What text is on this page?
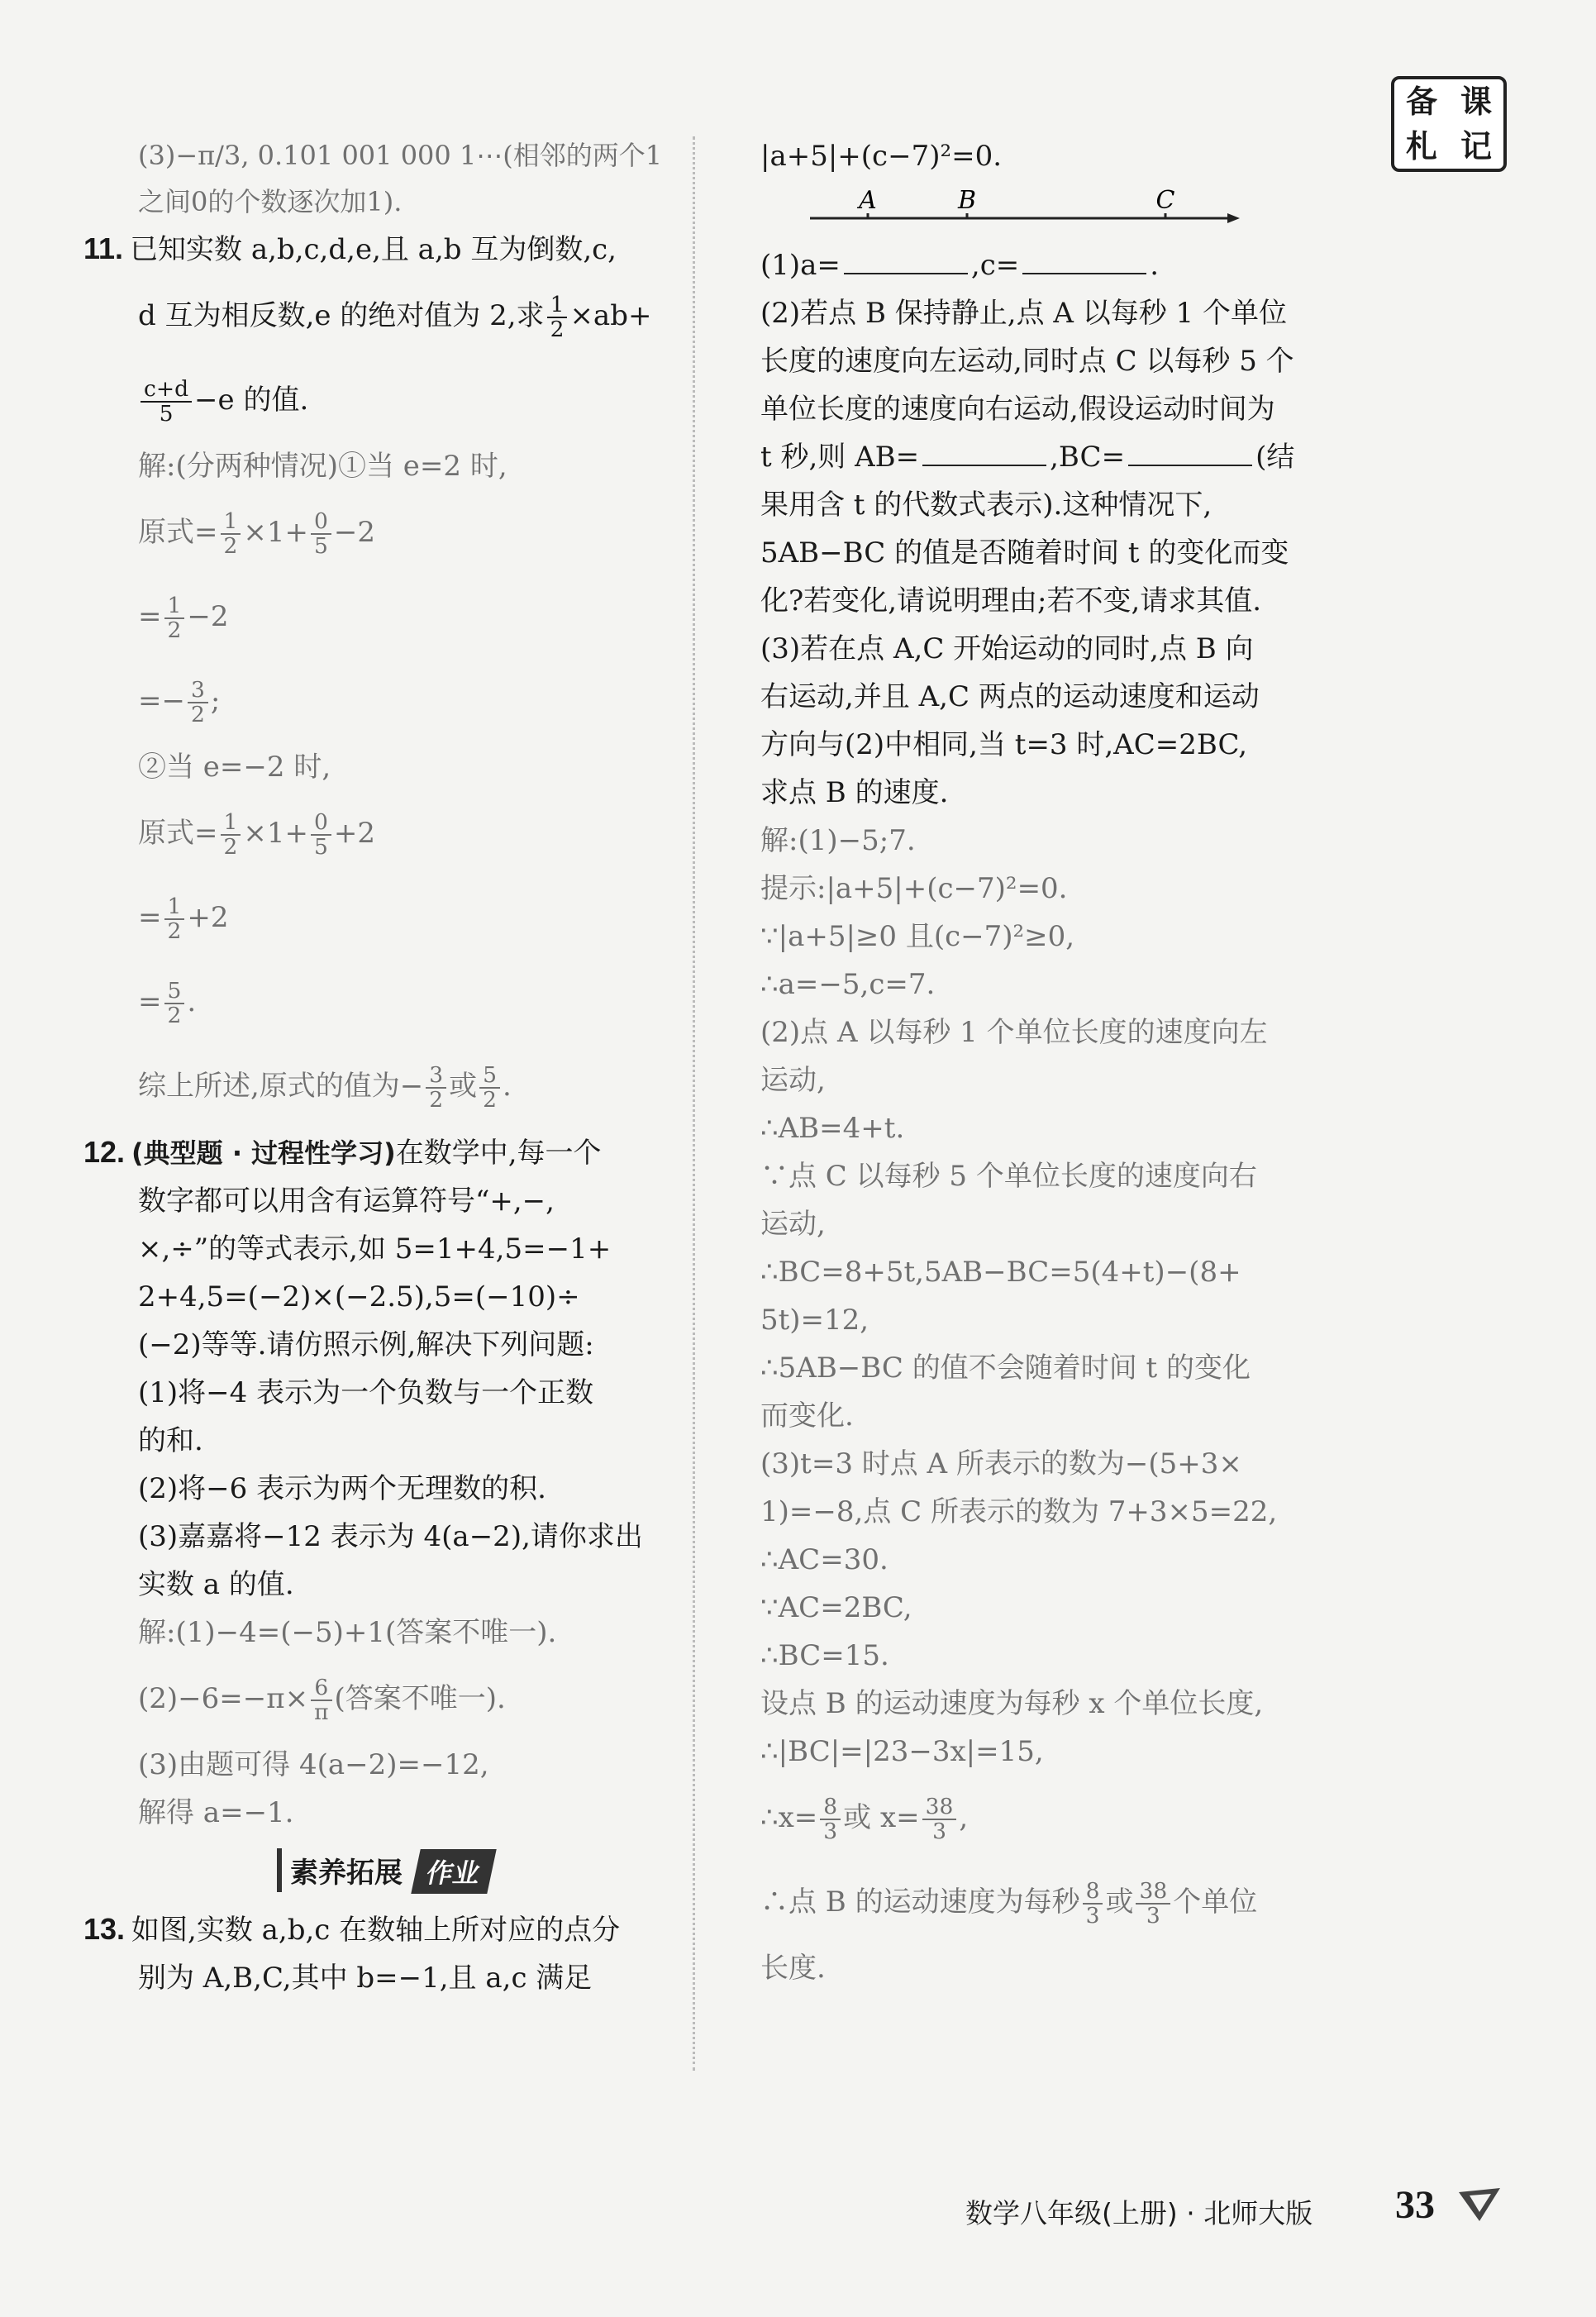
备 课
札 记
(3)−π/3, 0.101 001 000 1⋯(相邻的两个1
之间0的个数逐次加1).
11. 已知实数 a,b,c,d,e,且 a,b 互为倒数,c,
d 互为相反数,e 的绝对值为 2,求 $\frac{1}{2} \times ab+$
$\frac{c+d}{5} -e$ 的值.
解:(分两种情况)①当 e=2 时,
原式= $\frac{1}{2} \times 1+ \frac{0}{5} -2$
= $\frac{1}{2} -2$
=− $\frac{3}{2}$ ;
②当 e=−2 时,
原式= $\frac{1}{2} \times 1+ \frac{0}{5} +2$
= $\frac{1}{2} +2$
= $\frac{5}{2}$ .
综上所述,原式的值为− $\frac{3}{2}$ 或 $\frac{5}{2}$ .
12. (典型题 · 过程性学习)在数学中,每一个
数字都可以用含有运算符号“+,−,
×,÷”的等式表示,如 5=1+4,5=−1+
2+4,5=(−2)×(−2.5),5=(−10)÷
(−2)等等.请仿照示例,解决下列问题:
(1)将−4 表示为一个负数与一个正数
的和.
(2)将−6 表示为两个无理数的积.
(3)嘉嘉将−12 表示为 4(a−2),请你求出
实数 a 的值.
解:(1)−4=(−5)+1(答案不唯一).
$(2)-6=-\pi\times \frac{6}{\pi}$ (答案不唯一).
(3)由题可得 4(a−2)=−12,
解得 a=−1.
素养拓展 作业
13. 如图,实数 a,b,c 在数轴上所对应的点分
别为 A,B,C,其中 b=−1,且 a,c 满足
|a+5|+(c−7)²=0.
A	B	C
(1)a=	,c=	.
(2)若点 B 保持静止,点 A 以每秒 1 个单位
长度的速度向左运动,同时点 C 以每秒 5 个
单位长度的速度向右运动,假设运动时间为
t 秒,则 AB=	,BC=	(结
果用含 t 的代数式表示).这种情况下,
5AB−BC 的值是否随着时间 t 的变化而变
化?若变化,请说明理由;若不变,请求其值.
(3)若在点 A,C 开始运动的同时,点 B 向
右运动,并且 A,C 两点的运动速度和运动
方向与(2)中相同,当 t=3 时,AC=2BC,
求点 B 的速度.
解:(1)−5;7.
提示:|a+5|+(c−7)²=0.
∵|a+5|≥0 且(c−7)²≥0,
∴a=−5,c=7.
(2)点 A 以每秒 1 个单位长度的速度向左
运动,
∴AB=4+t.
∵点 C 以每秒 5 个单位长度的速度向右
运动,
∴BC=8+5t,5AB−BC=5(4+t)−(8+
5t)=12,
∴5AB−BC 的值不会随着时间 t 的变化
而变化.
(3)t=3 时点 A 所表示的数为−(5+3×
1)=−8,点 C 所表示的数为 7+3×5=22,
∴AC=30.
∵AC=2BC,
∴BC=15.
设点 B 的运动速度为每秒 x 个单位长度,
∴|BC|=|23−3x|=15,
∴x= $\frac{8}{3}$ 或 $x= \frac{38}{3}$ ,
∴点 B 的运动速度为每秒 $\frac{8}{3}$ 或 $\frac{38}{3}$ 个单位
长度.
数学八年级(上册) · 北师大版 33
